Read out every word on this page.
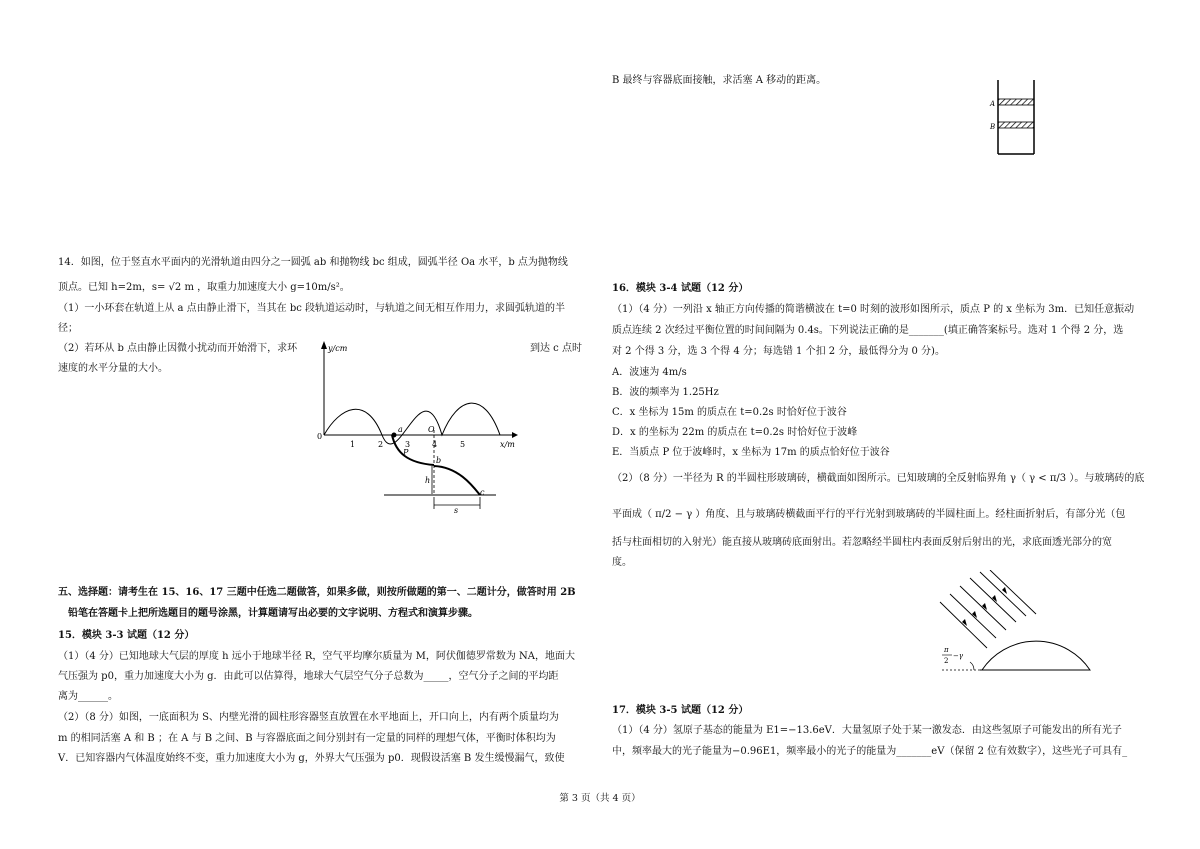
14．如图，位于竖直水平面内的光滑轨道由四分之一圆弧 ab 和抛物线 bc 组成，圆弧半径 Oa 水平，b 点为抛物线
顶点。已知 h=2m，s= √2 m ，取重力加速度大小 g=10m/s²。
（1）一小环套在轨道上从 a 点由静止滑下，当其在 bc 段轨道运动时，与轨道之间无相互作用力，求圆弧轨道的半
径；
（2）若环从 b 点由静止因微小扰动而开始滑下，求环	到达 c 点时
速度的水平分量的大小。
五、选择题：请考生在 15、16、17 三题中任选二题做答，如果多做，则按所做题的第一、二题计分，做答时用 2B
铅笔在答题卡上把所选题目的题号涂黑，计算题请写出必要的文字说明、方程式和演算步骤。
15．模块 3-3 试题（12 分）
（1）（4 分）已知地球大气层的厚度 h 远小于地球半径 R，空气平均摩尔质量为 M，阿伏伽德罗常数为 NA，地面大
气压强为 p0，重力加速度大小为 g．由此可以估算得，地球大气层空气分子总数为_____，空气分子之间的平均距
离为______。
（2）（8 分）如图，一底面积为 S、内壁光滑的圆柱形容器竖直放置在水平地面上，开口向上，内有两个质量均为
m 的相同活塞 A 和 B ；在 A 与 B 之间、B 与容器底面之间分别封有一定量的同样的理想气体，平衡时体积均为
V．已知容器内气体温度始终不变，重力加速度大小为 g，外界大气压强为 p0．现假设活塞 B 发生缓慢漏气，致使
y/cm
x/m
0
1	2	3	4	5
a	O
P
b
c
h
s
B 最终与容器底面接触，求活塞 A 移动的距离。
16．模块 3-4 试题（12 分）
（1）（4 分）一列沿 x 轴正方向传播的简谐横波在 t=0 时刻的波形如图所示，质点 P 的 x 坐标为 3m．已知任意振动
质点连续 2 次经过平衡位置的时间间隔为 0.4s。下列说法正确的是_______(填正确答案标号。选对 1 个得 2 分，选
对 2 个得 3 分，选 3 个得 4 分；每选错 1 个扣 2 分，最低得分为 0 分)。
A．波速为 4m/s
B．波的频率为 1.25Hz
C．x 坐标为 15m 的质点在 t=0.2s 时恰好位于波谷
D．x 的坐标为 22m 的质点在 t=0.2s 时恰好位于波峰
E．当质点 P 位于波峰时，x 坐标为 17m 的质点恰好位于波谷
（2）（8 分）一半径为 R 的半圆柱形玻璃砖，横截面如图所示。已知玻璃的全反射临界角 γ（ γ < π/3 ）。与玻璃砖的底
平面成（ π/2 − γ ）角度、且与玻璃砖横截面平行的平行光射到玻璃砖的半圆柱面上。经柱面折射后，有部分光（包
括与柱面相切的入射光）能直接从玻璃砖底面射出。若忽略经半圆柱内表面反射后射出的光，求底面透光部分的宽
度。
17．模块 3-5 试题（12 分）
（1）（4 分）氢原子基态的能量为 E1=−13.6eV．大量氢原子处于某一激发态．由这些氢原子可能发出的所有光子
中，频率最大的光子能量为−0.96E1，频率最小的光子的能量为_______eV（保留 2 位有效数字），这些光子可具有_
A
B
π
2
−γ
第 3 页（共 4 页）
